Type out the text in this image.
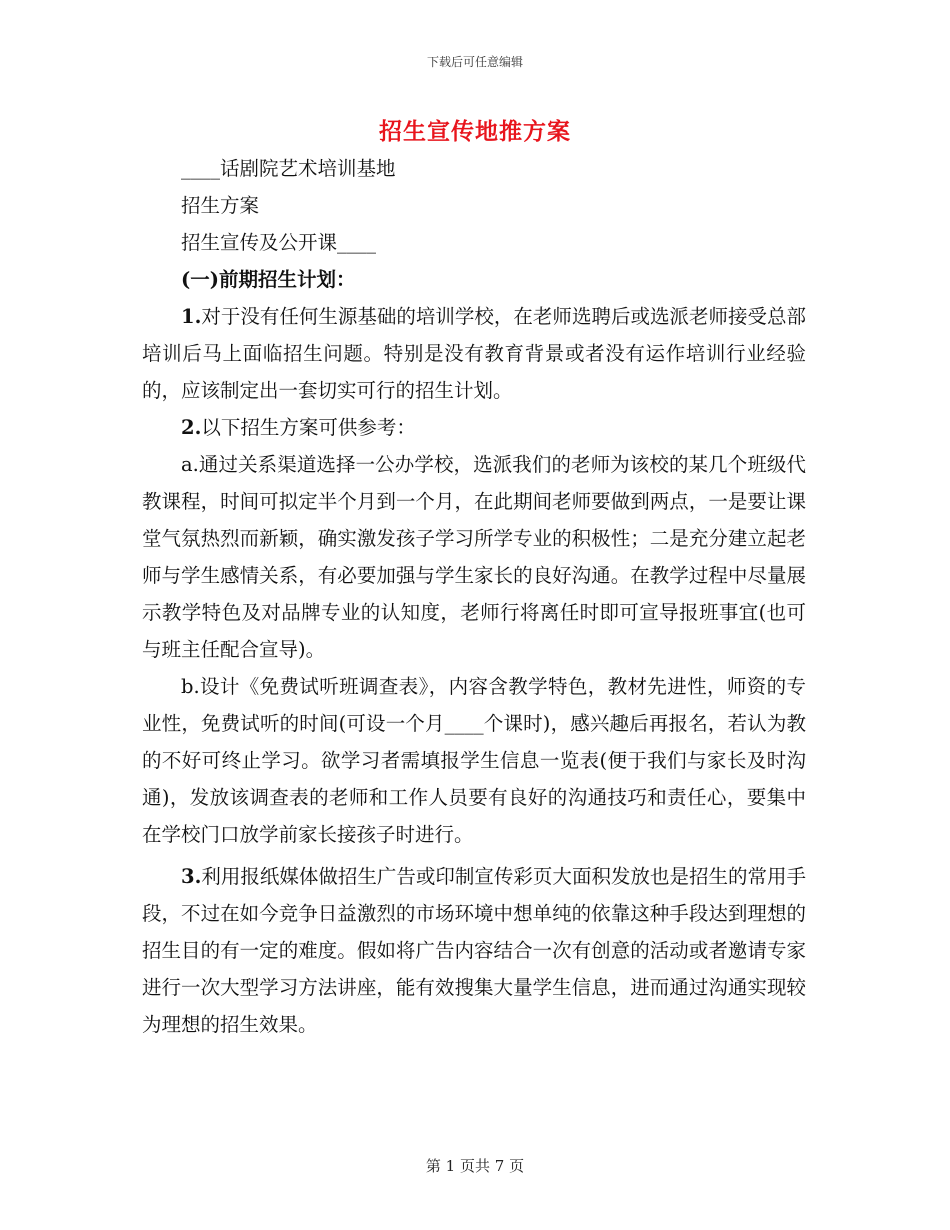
下载后可任意编辑
招生宣传地推方案

____话剧院艺术培训基地

招生方案

招生宣传及公开课____

(一)前期招生计划：

1.对于没有任何生源基础的培训学校，在老师选聘后或选派老师接受总部培训后马上面临招生问题。特别是没有教育背景或者没有运作培训行业经验的，应该制定出一套切实可行的招生计划。

2.以下招生方案可供参考：

a.通过关系渠道选择一公办学校，选派我们的老师为该校的某几个班级代教课程，时间可拟定半个月到一个月，在此期间老师要做到两点，一是要让课堂气氛热烈而新颖，确实激发孩子学习所学专业的积极性；二是充分建立起老师与学生感情关系，有必要加强与学生家长的良好沟通。在教学过程中尽量展示教学特色及对品牌专业的认知度，老师行将离任时即可宣导报班事宜(也可与班主任配合宣导)。

b.设计《免费试听班调查表》，内容含教学特色，教材先进性，师资的专业性，免费试听的时间(可设一个月____个课时)，感兴趣后再报名，若认为教的不好可终止学习。欲学习者需填报学生信息一览表(便于我们与家长及时沟通)，发放该调查表的老师和工作人员要有良好的沟通技巧和责任心，要集中在学校门口放学前家长接孩子时进行。

3.利用报纸媒体做招生广告或印制宣传彩页大面积发放也是招生的常用手段，不过在如今竞争日益激烈的市场环境中想单纯的依靠这种手段达到理想的招生目的有一定的难度。假如将广告内容结合一次有创意的活动或者邀请专家进行一次大型学习方法讲座，能有效搜集大量学生信息，进而通过沟通实现较为理想的招生效果。

第 1 页共 7 页
